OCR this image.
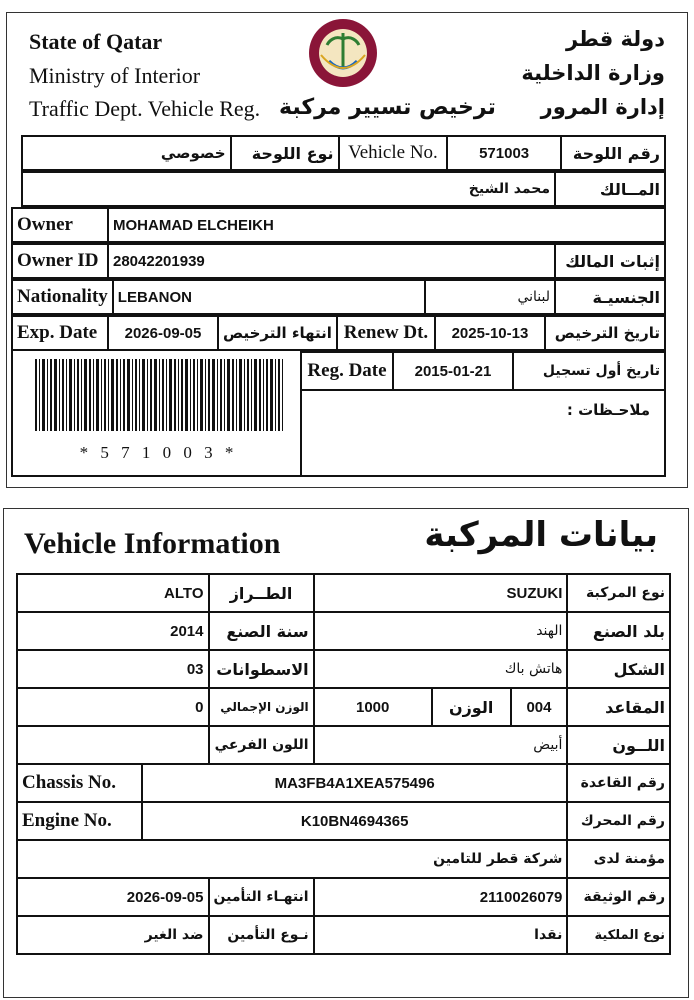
State of Qatar
Ministry of Interior
Traffic Dept. Vehicle Reg. ترخيص تسيير مركبة
دولة قطر
وزارة الداخلية
إدارة المرور
خصوصي	نوع اللوحة	Vehicle No.	571003	رقم اللوحة
محمد الشيخ	المــالك
Owner	MOHAMAD ELCHEIKH
Owner ID	28042201939	إثبات المالك
Nationality	LEBANON	لبناني	الجنسيـة
Exp. Date	2026-09-05	انتهاء الترخيص	Renew Dt.	2025-10-13	تاريخ الترخيص
* 5 7 1 0 0 3 *
Reg. Date	2015-01-21	تاريخ أول تسجيل
ملاحـظات :
Vehicle Information	بيانات المركبة
ALTO		الطــراز	SUZUKI			نوع المركبة
2014		سنة الصنع	الهند			بلد الصنع
03		الاسطوانات	هاتش باك			الشكل
0		الوزن الإجمالي	1000	الوزن	004	المقاعد
		اللون الفرعي	أبيض			اللــون
Chassis No.	MA3FB4A1XEA575496					رقم القاعدة
Engine No.	K10BN4694365					رقم المحرك
شركة قطر للتامين						مؤمنة لدى
2026-09-05		انتهـاء التأمين	2110026079			رقم الوثيقة
ضد الغير		نـوع التأمين	نقدا			نوع الملكية
